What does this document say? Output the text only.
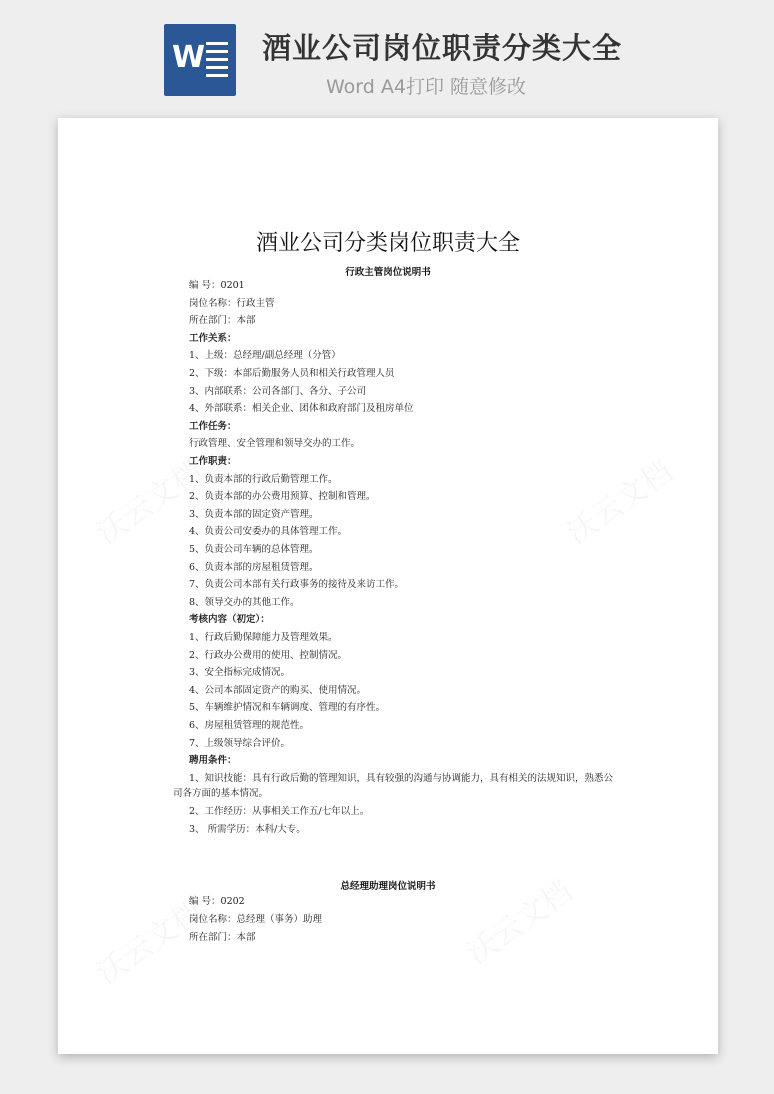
W 酒业公司岗位职责分类大全
Word A4打印 随意修改
酒业公司分类岗位职责大全
行政主管岗位说明书
编 号：0201
岗位名称：行政主管
所在部门：本部
工作关系：
1、上级：总经理/副总经理（分管）
2、下级：本部后勤服务人员和相关行政管理人员
3、内部联系：公司各部门、各分、子公司
4、外部联系：相关企业、团体和政府部门及租房单位
工作任务：
行政管理、安全管理和领导交办的工作。
工作职责：
1、负责本部的行政后勤管理工作。
2、负责本部的办公费用预算、控制和管理。
3、负责本部的固定资产管理。
4、负责公司安委办的具体管理工作。
5、负责公司车辆的总体管理。
6、负责本部的房屋租赁管理。
7、负责公司本部有关行政事务的接待及来访工作。
8、领导交办的其他工作。
考核内容（初定）：
1、行政后勤保障能力及管理效果。
2、行政办公费用的使用、控制情况。
3、安全指标完成情况。
4、公司本部固定资产的购买、使用情况。
5、车辆维护情况和车辆调度、管理的有序性。
6、房屋租赁管理的规范性。
7、上级领导综合评价。
聘用条件：
1、知识技能：具有行政后勤的管理知识，具有较强的沟通与协调能力，具有相关的法规知识，熟悉公
司各方面的基本情况。
2、工作经历：从事相关工作五/七年以上。
3、 所需学历：本科/大专。
总经理助理岗位说明书
编 号：0202
岗位名称：总经理（事务）助理
所在部门：本部
